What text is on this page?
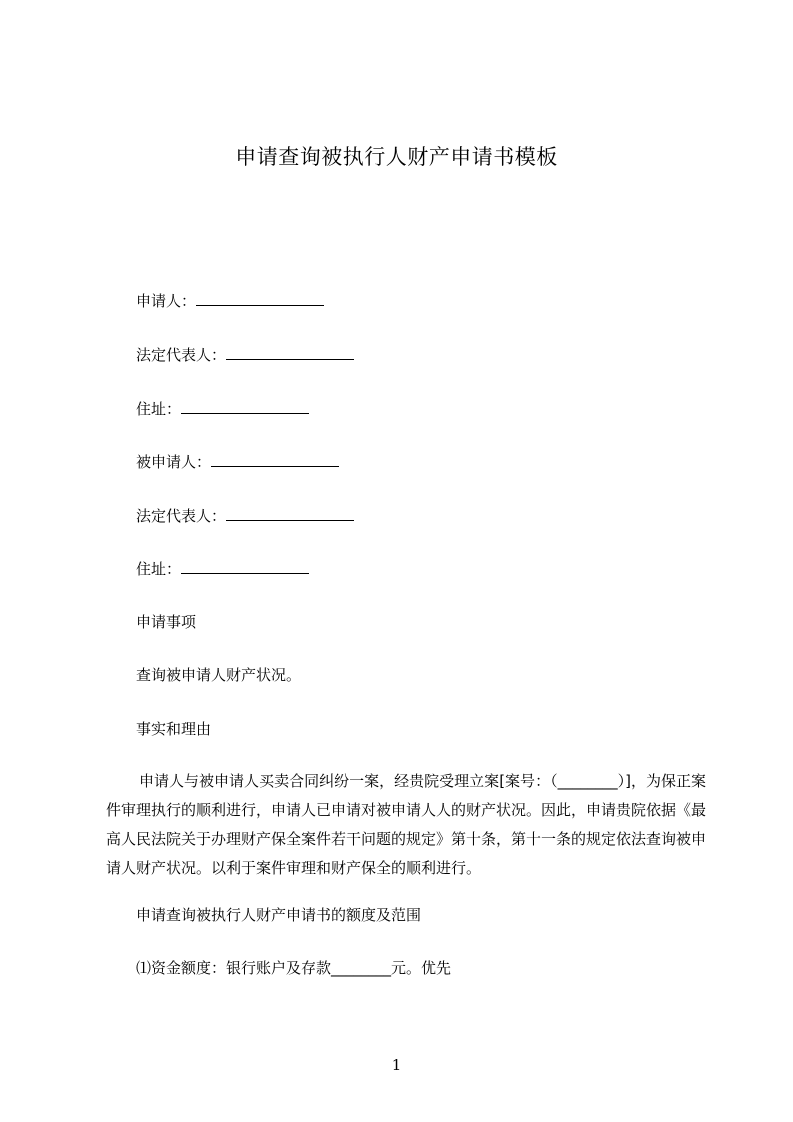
申请查询被执行人财产申请书模板
申请人：
法定代表人：
住址：
被申请人：
法定代表人：
住址：
申请事项
查询被申请人财产状况。
事实和理由
申请人与被申请人买卖合同纠纷一案，经贵院受理立案[案号：（________）]，为保正案件审理执行的顺利进行，申请人已申请对被申请人人的财产状况。因此，申请贵院依据《最高人民法院关于办理财产保全案件若干问题的规定》第十条，第十一条的规定依法查询被申请人财产状况。以利于案件审理和财产保全的顺利进行。
申请查询被执行人财产申请书的额度及范围
⑴资金额度：银行账户及存款________元。优先
1
